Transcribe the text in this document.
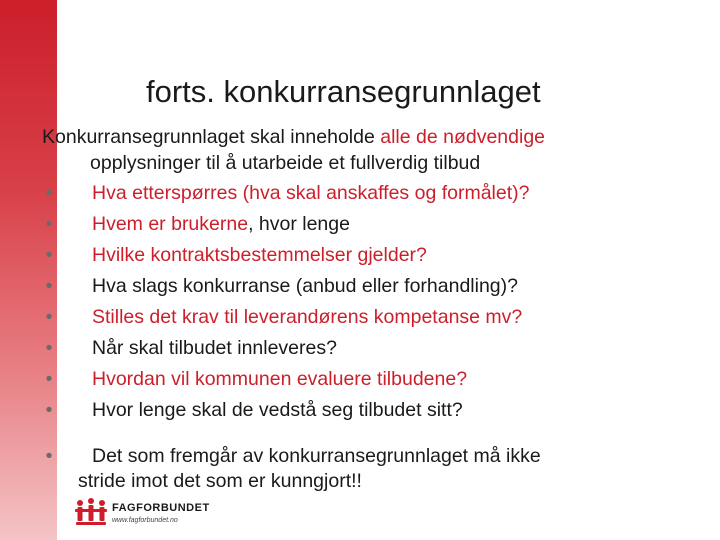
forts. konkurransegrunnlaget
Konkurransegrunnlaget skal inneholde alle de nødvendige
opplysninger til å utarbeide et fullverdig tilbud
• Hva etterspørres (hva skal anskaffes og formålet)?
• Hvem er brukerne, hvor lenge
• Hvilke kontraktsbestemmelser gjelder?
• Hva slags konkurranse (anbud eller forhandling)?
• Stilles det krav til leverandørens kompetanse mv?
• Når skal tilbudet innleveres?
• Hvordan vil kommunen evaluere tilbudene?
• Hvor lenge skal de vedstå seg tilbudet sitt?
•	Det som fremgår av konkurransegrunnlaget må ikke
stride imot det som er kunngjort!!
FAGFORBUNDET
www.fagforbundet.no
